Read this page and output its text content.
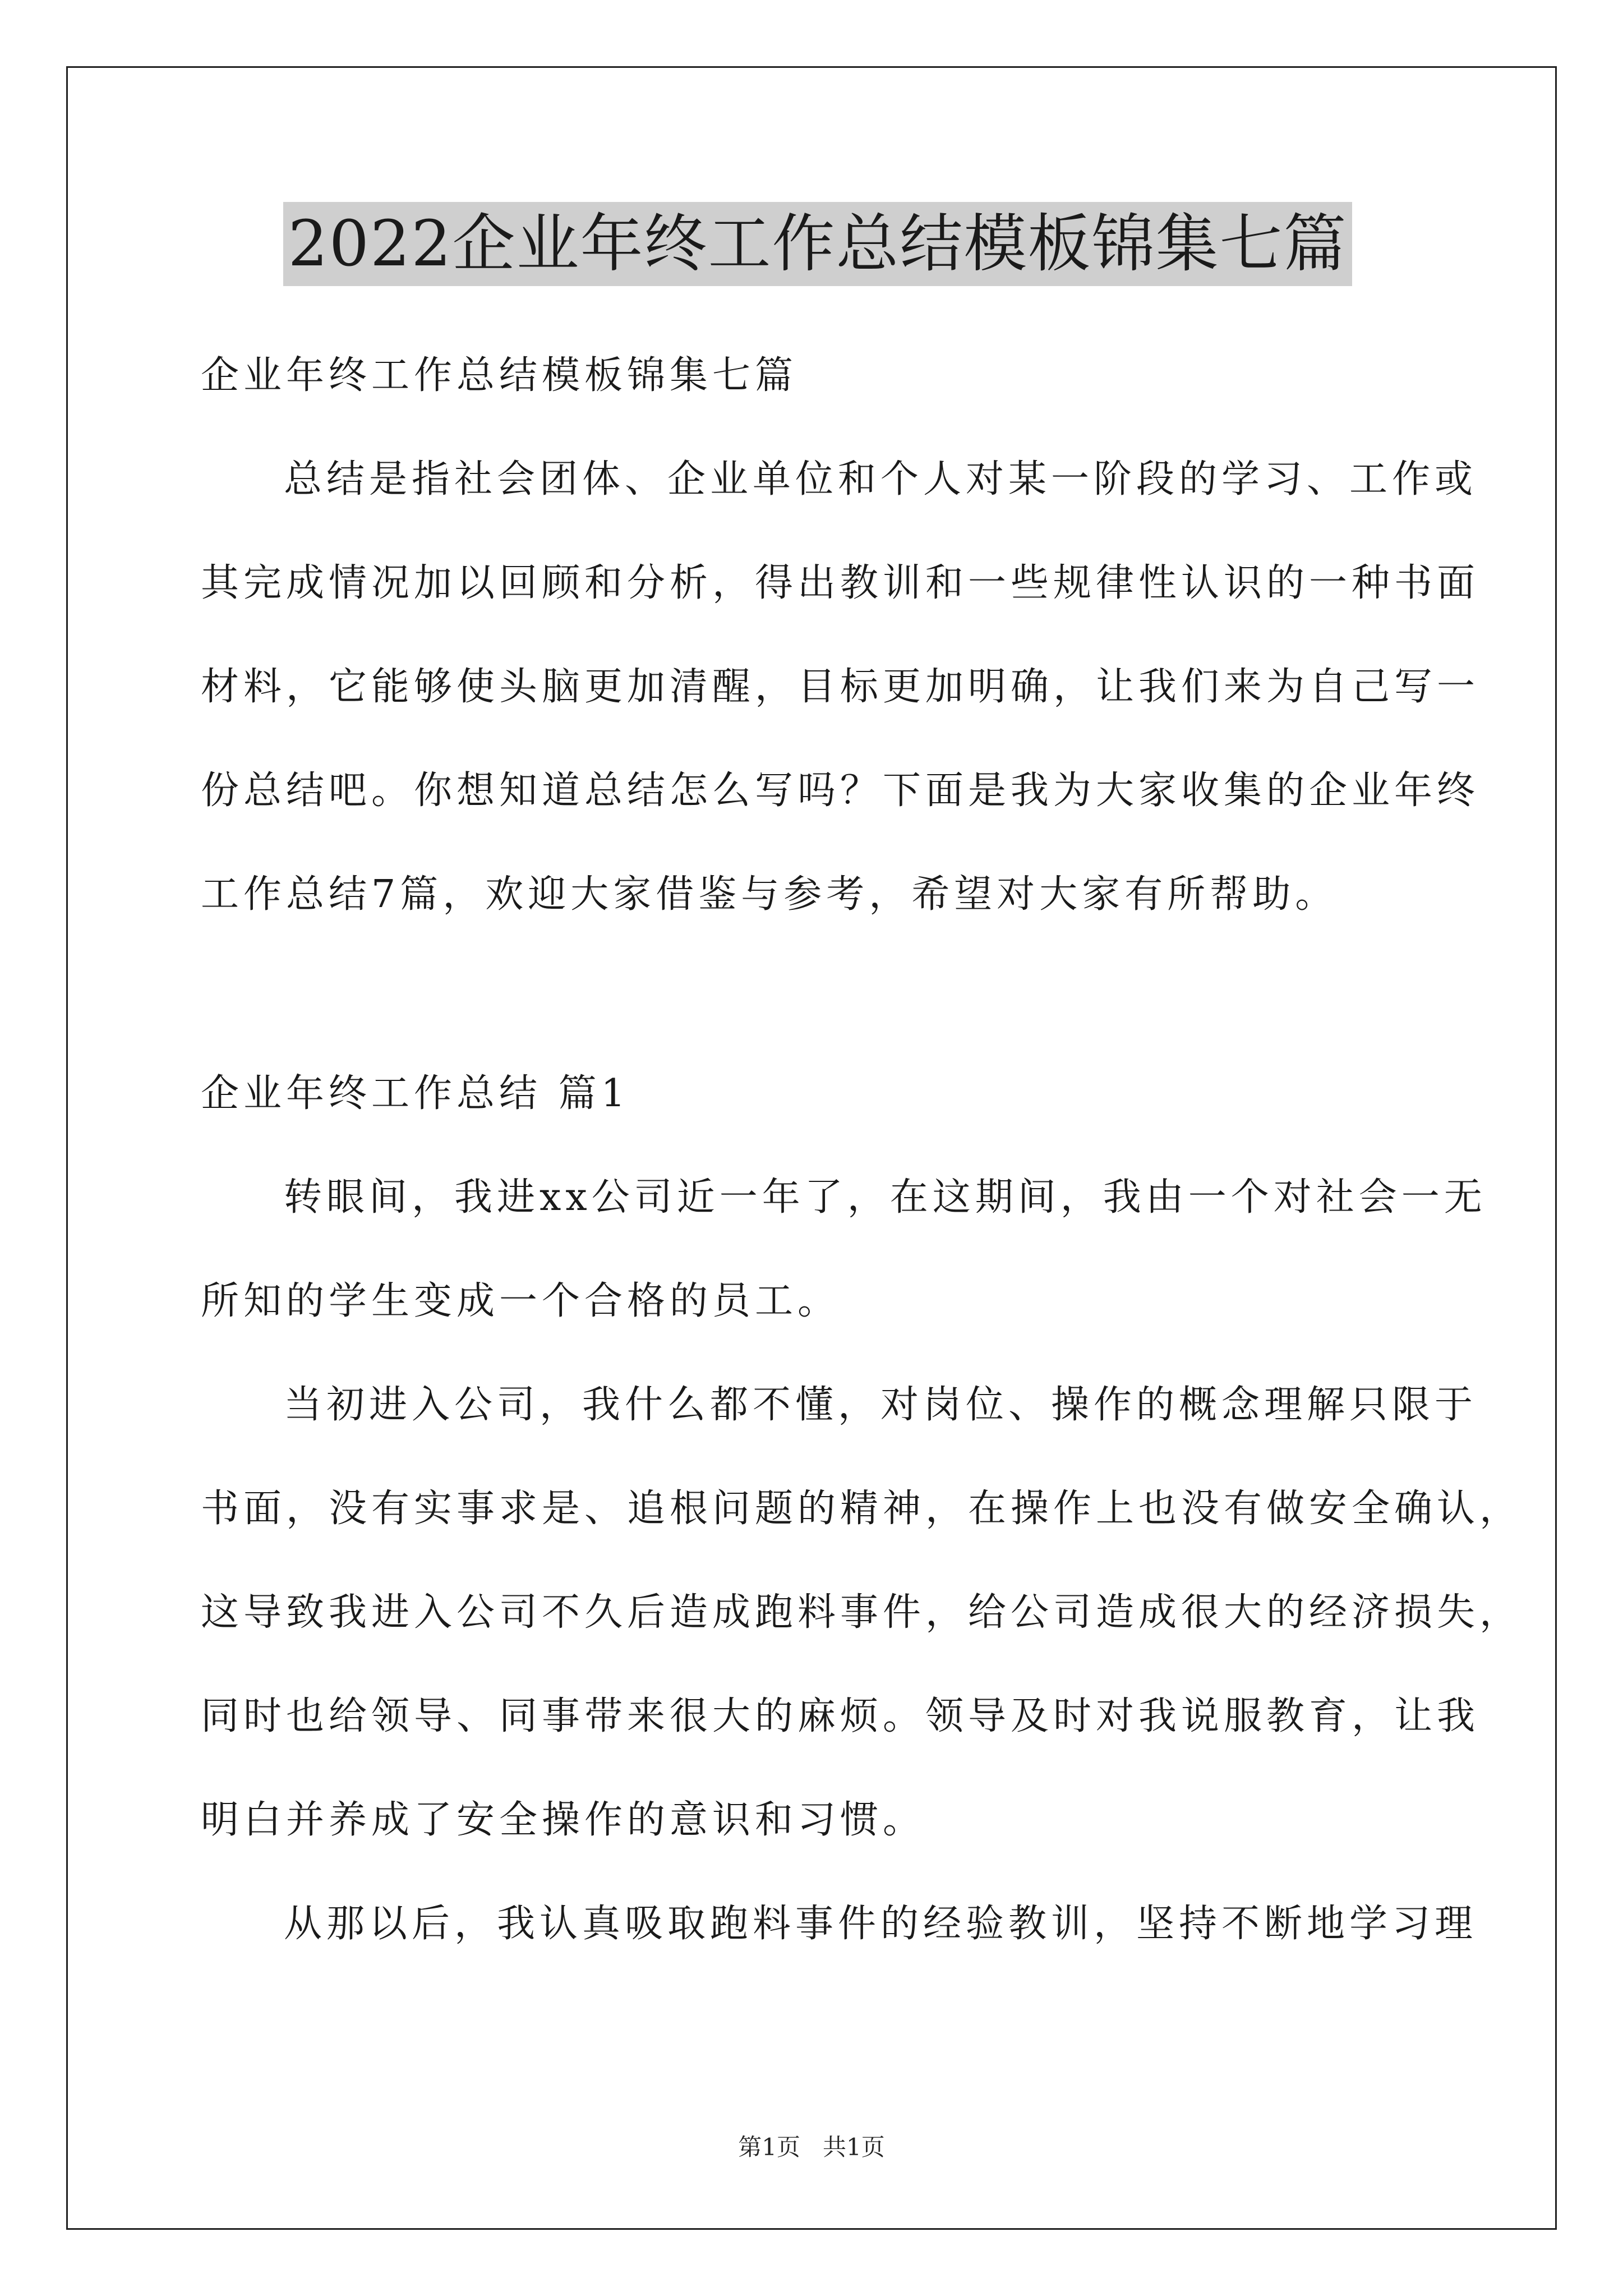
2022企业年终工作总结模板锦集七篇
企业年终工作总结模板锦集七篇
总结是指社会团体、企业单位和个人对某一阶段的学习、工作或
其完成情况加以回顾和分析，得出教训和一些规律性认识的一种书面
材料，它能够使头脑更加清醒，目标更加明确，让我们来为自己写一
份总结吧。你想知道总结怎么写吗？下面是我为大家收集的企业年终
工作总结7篇，欢迎大家借鉴与参考，希望对大家有所帮助。
企业年终工作总结 篇1
转眼间，我进xx公司近一年了，在这期间，我由一个对社会一无
所知的学生变成一个合格的员工。
当初进入公司，我什么都不懂，对岗位、操作的概念理解只限于
书面，没有实事求是、追根问题的精神，在操作上也没有做安全确认，
这导致我进入公司不久后造成跑料事件，给公司造成很大的经济损失，
同时也给领导、同事带来很大的麻烦。领导及时对我说服教育，让我
明白并养成了安全操作的意识和习惯。
从那以后，我认真吸取跑料事件的经验教训，坚持不断地学习理
第1页 共1页
